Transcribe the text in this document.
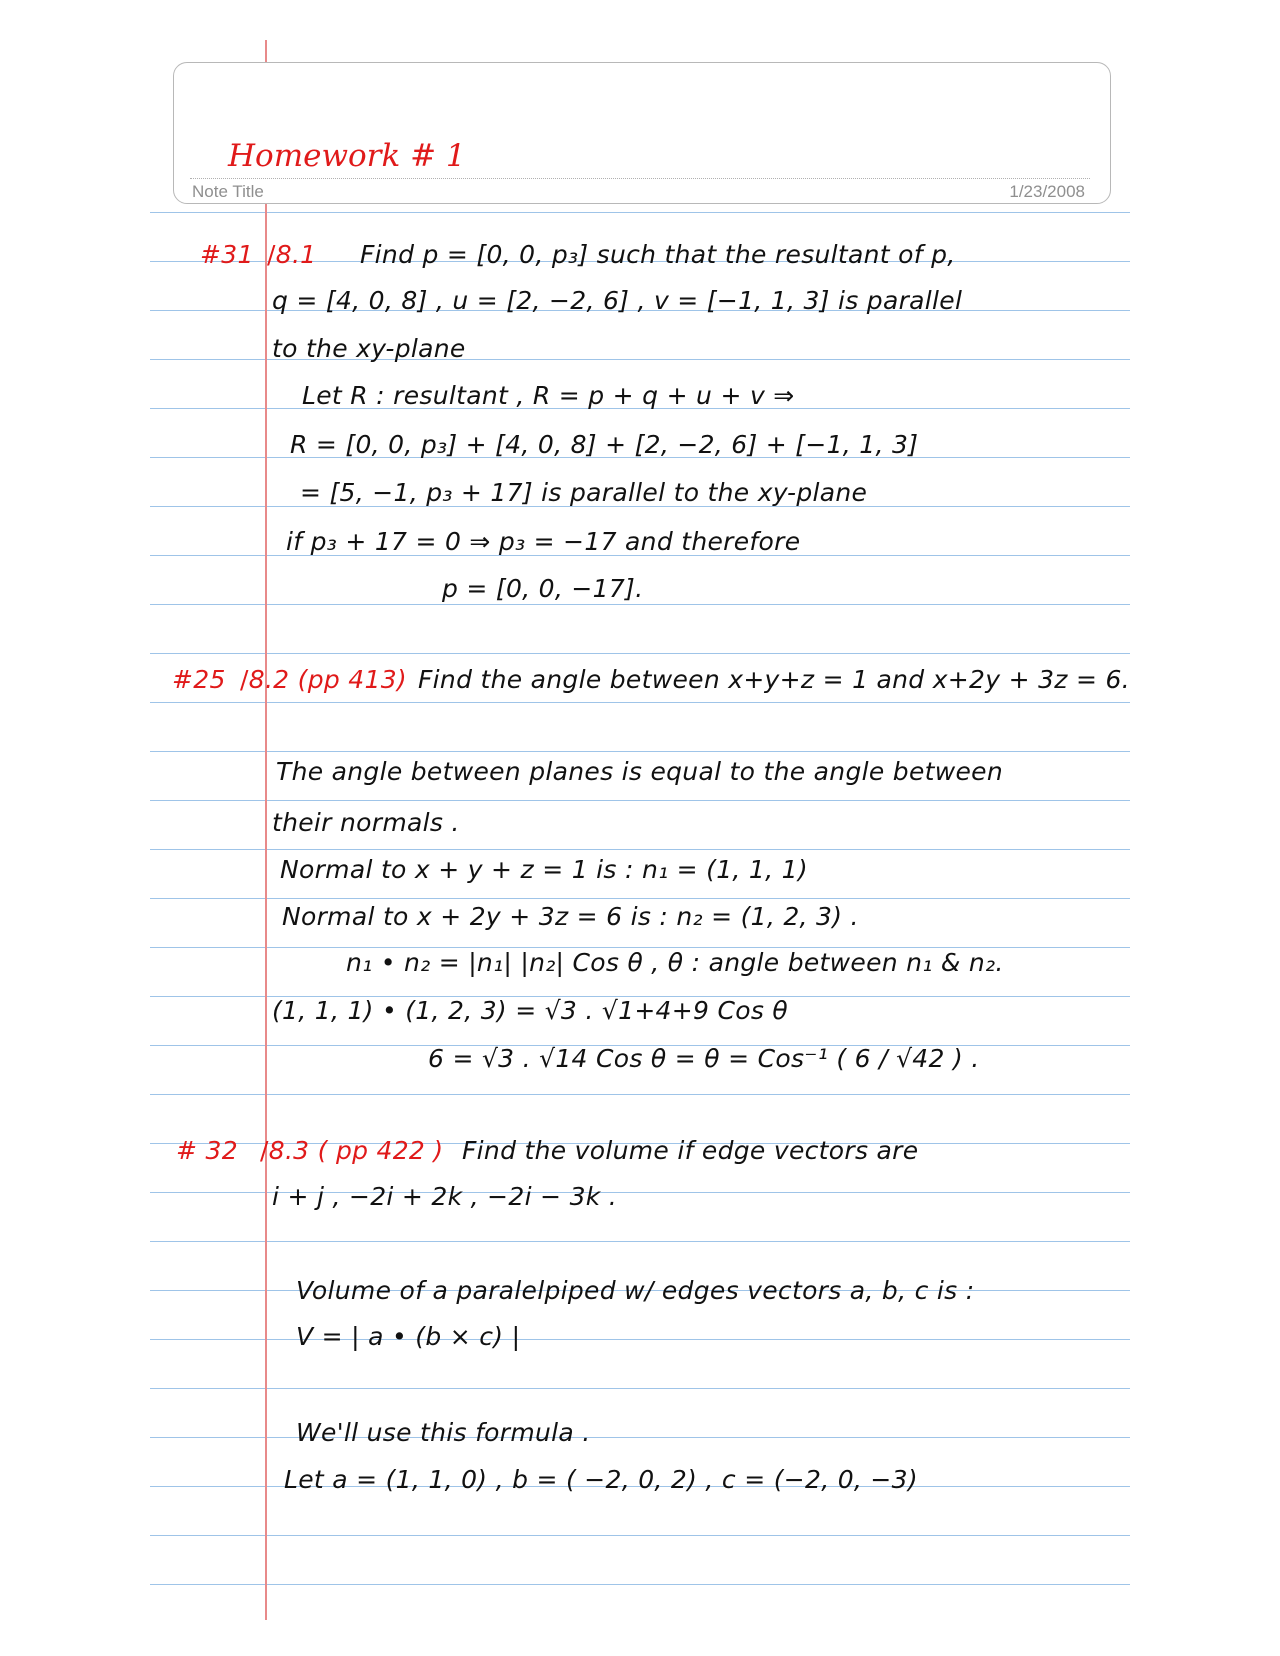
Homework # 1
Note Title	1/23/2008
#31 /8.1 Find p = [0, 0, p₃] such that the resultant of p,
q = [4, 0, 8] , u = [2, −2, 6] , v = [−1, 1, 3] is parallel
to the xy-plane
Let R : resultant , R = p + q + u + v ⇒
R = [0, 0, p₃] + [4, 0, 8] + [2, −2, 6] + [−1, 1, 3]
= [5, −1, p₃ + 17] is parallel to the xy-plane
if p₃ + 17 = 0 ⇒ p₃ = −17 and therefore
p = [0, 0, −17].
#25 /8.2 (pp 413) Find the angle between x+y+z = 1 and x+2y + 3z = 6.
The angle between planes is equal to the angle between
their normals .
Normal to x + y + z = 1 is : n₁ = (1, 1, 1)
Normal to x + 2y + 3z = 6 is : n₂ = (1, 2, 3) .
n₁ • n₂ = |n₁| |n₂| Cos θ , θ : angle between n₁ & n₂.
(1, 1, 1) • (1, 2, 3) = √3 . √1+4+9 Cos θ
6 = √3 . √14 Cos θ = θ = Cos⁻¹ ( 6 / √42 ) .
# 32 /8.3 ( pp 422 ) Find the volume if edge vectors are
i + j , −2i + 2k , −2i − 3k .
Volume of a paralelpiped w/ edges vectors a, b, c is :
V = | a • (b × c) |
We'll use this formula .
Let a = (1, 1, 0) , b = ( −2, 0, 2) , c = (−2, 0, −3)
